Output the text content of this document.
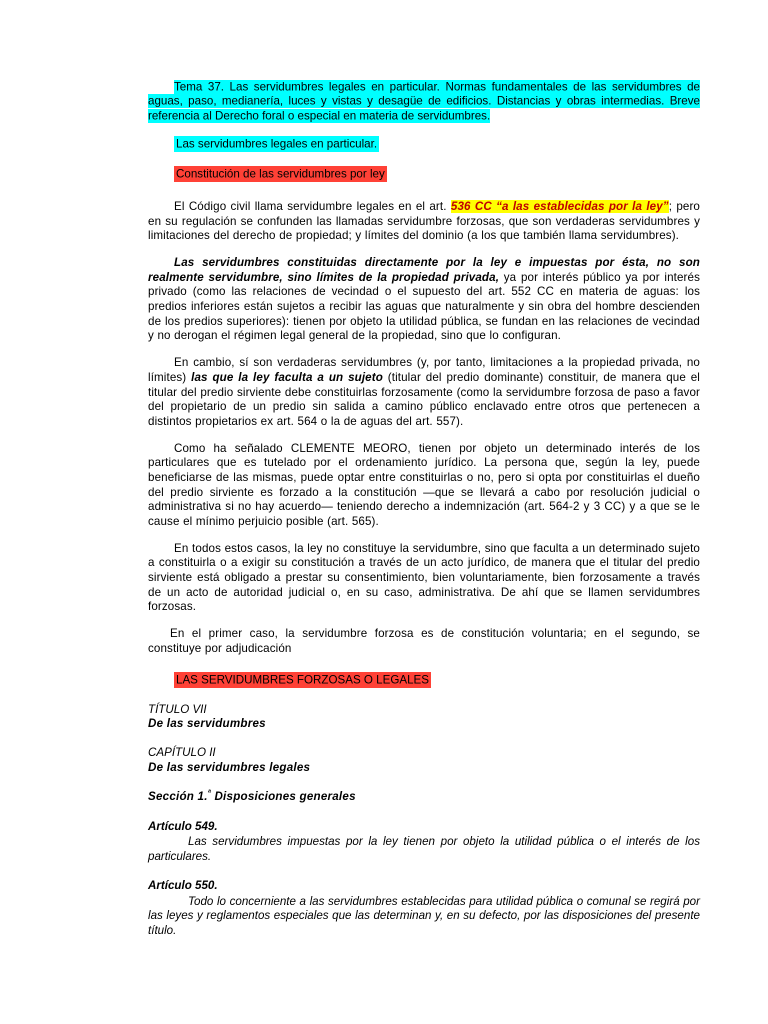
Tema 37. Las servidumbres legales en particular. Normas fundamentales de las servidumbres de aguas, paso, medianería, luces y vistas y desagüe de edificios. Distancias y obras intermedias. Breve referencia al Derecho foral o especial en materia de servidumbres.

Las servidumbres legales en particular.

Constitución de las servidumbres por ley

El Código civil llama servidumbre legales en el art. 536 CC “a las establecidas por la ley”; pero en su regulación se confunden las llamadas servidumbre forzosas, que son verdaderas servidumbres y limitaciones del derecho de propiedad; y límites del dominio (a los que también llama servidumbres).

Las servidumbres constituidas directamente por la ley e impuestas por ésta, no son realmente servidumbre, sino límites de la propiedad privada, ya por interés público ya por interés privado (como las relaciones de vecindad o el supuesto del art. 552 CC en materia de aguas: los predios inferiores están sujetos a recibir las aguas que naturalmente y sin obra del hombre descienden de los predios superiores): tienen por objeto la utilidad pública, se fundan en las relaciones de vecindad y no derogan el régimen legal general de la propiedad, sino que lo configuran.

En cambio, sí son verdaderas servidumbres (y, por tanto, limitaciones a la propiedad privada, no límites) las que la ley faculta a un sujeto (titular del predio dominante) constituir, de manera que el titular del predio sirviente debe constituirlas forzosamente (como la servidumbre forzosa de paso a favor del propietario de un predio sin salida a camino público enclavado entre otros que pertenecen a distintos propietarios ex art. 564 o la de aguas del art. 557).

Como ha señalado CLEMENTE MEORO, tienen por objeto un determinado interés de los particulares que es tutelado por el ordenamiento jurídico. La persona que, según la ley, puede beneficiarse de las mismas, puede optar entre constituirlas o no, pero si opta por constituirlas el dueño del predio sirviente es forzado a la constitución —que se llevará a cabo por resolución judicial o administrativa si no hay acuerdo— teniendo derecho a indemnización (art. 564-2 y 3 CC) y a que se le cause el mínimo perjuicio posible (art. 565).

En todos estos casos, la ley no constituye la servidumbre, sino que faculta a un determinado sujeto a constituirla o a exigir su constitución a través de un acto jurídico, de manera que el titular del predio sirviente está obligado a prestar su consentimiento, bien voluntariamente, bien forzosamente a través de un acto de autoridad judicial o, en su caso, administrativa. De ahí que se llamen servidumbres forzosas.

En el primer caso, la servidumbre forzosa es de constitución voluntaria; en el segundo, se constituye por adjudicación

LAS SERVIDUMBRES FORZOSAS O LEGALES

TÍTULO VII

De las servidumbres

CAPÍTULO II

De las servidumbres legales

Sección 1.$^ª$ Disposiciones generales

Artículo 549.

Las servidumbres impuestas por la ley tienen por objeto la utilidad pública o el interés de los particulares.

Artículo 550.

Todo lo concerniente a las servidumbres establecidas para utilidad pública o comunal se regirá por las leyes y reglamentos especiales que las determinan y, en su defecto, por las disposiciones del presente título.
